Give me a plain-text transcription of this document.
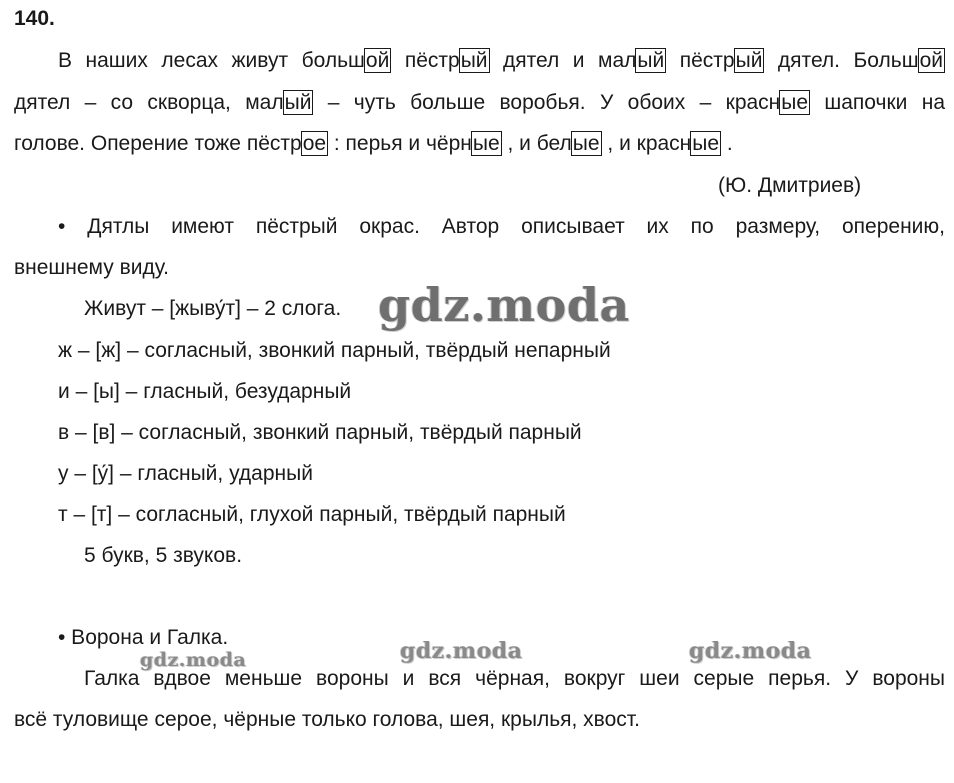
140.
В наших лесах живут большой пёстрый дятел и малый пёстрый дятел. Большой
дятел – со скворца, малый – чуть больше воробья. У обоих – красные шапочки на
голове. Оперение тоже пёстрое : перья и чёрные , и белые , и красные .
(Ю. Дмитриев)
• Дятлы имеют пёстрый окрас. Автор описывает их по размеру, оперению,
внешнему виду.
Живут – [жыву́т] – 2 слога.
ж – [ж] – согласный, звонкий парный, твёрдый непарный
и – [ы] – гласный, безударный
в – [в] – согласный, звонкий парный, твёрдый парный
у – [у́] – гласный, ударный
т – [т] – согласный, глухой парный, твёрдый парный
5 букв, 5 звуков.
• Ворона и Галка.
Галка вдвое меньше вороны и вся чёрная, вокруг шеи серые перья. У вороны
всё туловище серое, чёрные только голова, шея, крылья, хвост.
gdz.moda
gdz.moda	gdz.moda
gdz.moda
